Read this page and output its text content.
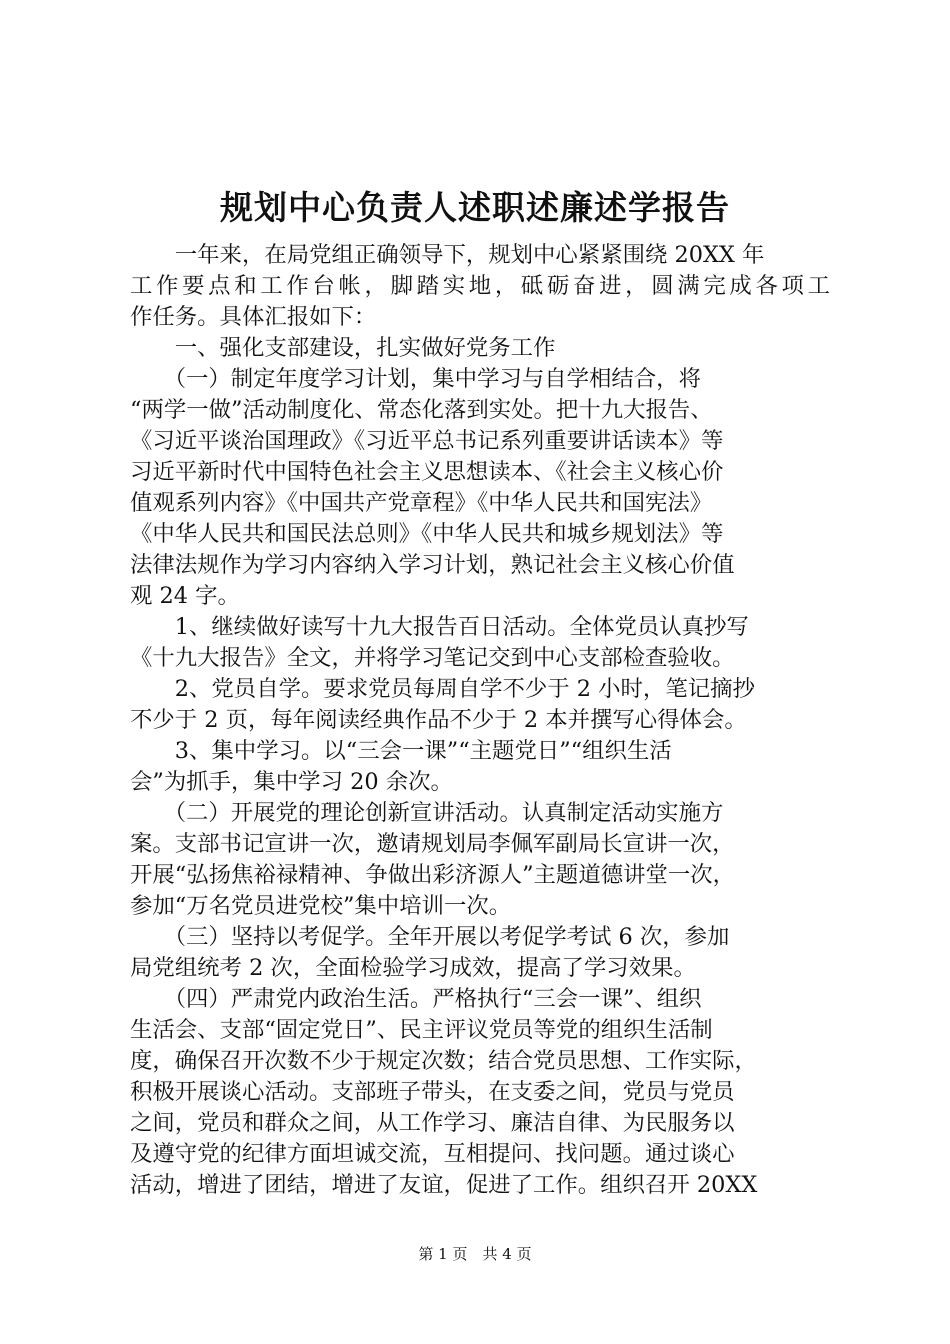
规划中心负责人述职述廉述学报告
　　一年来，在局党组正确领导下，规划中心紧紧围绕 20XX 年
工作要点和工作台帐，脚踏实地，砥砺奋进，圆满完成各项工
作任务。具体汇报如下：
　　一、强化支部建设，扎实做好党务工作
　　（一）制定年度学习计划，集中学习与自学相结合，将
“两学一做”活动制度化、常态化落到实处。把十九大报告、
《习近平谈治国理政》《习近平总书记系列重要讲话读本》等
习近平新时代中国特色社会主义思想读本、《社会主义核心价
值观系列内容》《中国共产党章程》《中华人民共和国宪法》
《中华人民共和国民法总则》《中华人民共和城乡规划法》等
法律法规作为学习内容纳入学习计划，熟记社会主义核心价值
观 24 字。
　　1、继续做好读写十九大报告百日活动。全体党员认真抄写
《十九大报告》全文，并将学习笔记交到中心支部检查验收。
　　2、党员自学。要求党员每周自学不少于 2 小时，笔记摘抄
不少于 2 页，每年阅读经典作品不少于 2 本并撰写心得体会。
　　3、集中学习。以“三会一课”“主题党日”“组织生活
会”为抓手，集中学习 20 余次。
　　（二）开展党的理论创新宣讲活动。认真制定活动实施方
案。支部书记宣讲一次，邀请规划局李佩军副局长宣讲一次，
开展“弘扬焦裕禄精神、争做出彩济源人”主题道德讲堂一次，
参加“万名党员进党校”集中培训一次。
　　（三）坚持以考促学。全年开展以考促学考试 6 次，参加
局党组统考 2 次，全面检验学习成效，提高了学习效果。
　　（四）严肃党内政治生活。严格执行“三会一课”、组织
生活会、支部“固定党日”、民主评议党员等党的组织生活制
度，确保召开次数不少于规定次数；结合党员思想、工作实际，
积极开展谈心活动。支部班子带头，在支委之间，党员与党员
之间，党员和群众之间，从工作学习、廉洁自律、为民服务以
及遵守党的纪律方面坦诚交流，互相提问、找问题。通过谈心
活动，增进了团结，增进了友谊，促进了工作。组织召开 20XX
第 1 页　共 4 页
